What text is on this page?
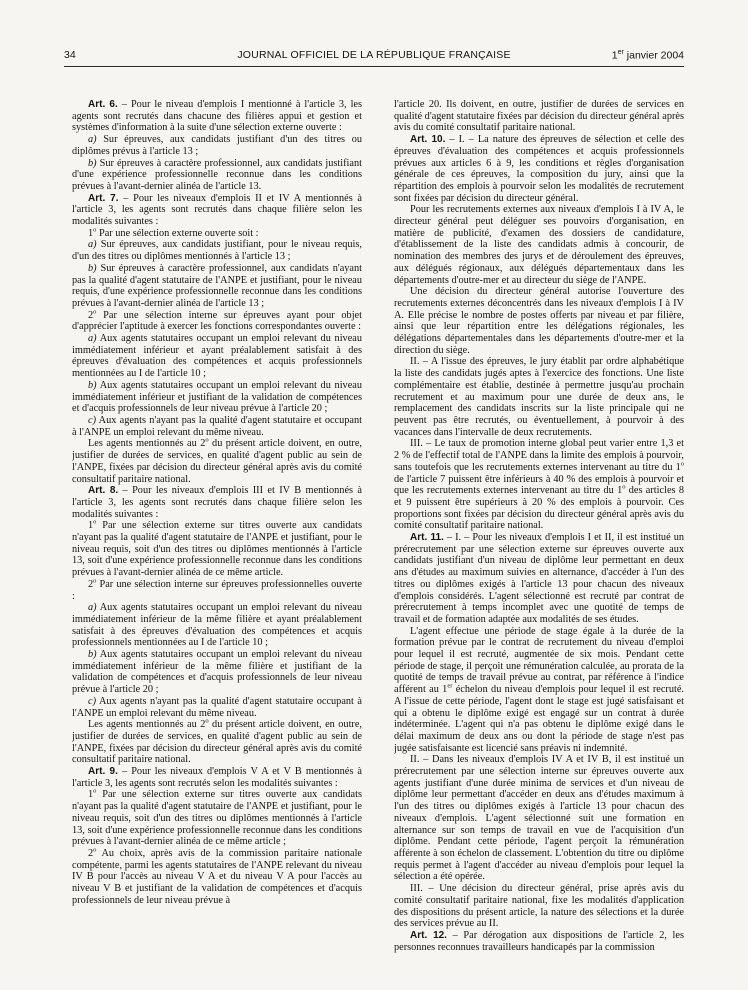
34	JOURNAL OFFICIEL DE LA RÉPUBLIQUE FRANÇAISE	1er janvier 2004

Art. 6. – Pour le niveau d'emplois I mentionné à l'article 3, les agents sont recrutés dans chacune des filières appui et gestion et systèmes d'information à la suite d'une sélection externe ouverte :

a) Sur épreuves, aux candidats justifiant d'un des titres ou diplômes prévus à l'article 13 ;

b) Sur épreuves à caractère professionnel, aux candidats justifiant d'une expérience professionnelle reconnue dans les conditions prévues à l'avant-dernier alinéa de l'article 13.

Art. 7. – Pour les niveaux d'emplois II et IV A mentionnés à l'article 3, les agents sont recrutés dans chaque filière selon les modalités suivantes :

1$^o$ Par une sélection externe ouverte soit :

a) Sur épreuves, aux candidats justifiant, pour le niveau requis, d'un des titres ou diplômes mentionnés à l'article 13 ;

b) Sur épreuves à caractère professionnel, aux candidats n'ayant pas la qualité d'agent statutaire de l'ANPE et justifiant, pour le niveau requis, d'une expérience professionnelle reconnue dans les conditions prévues à l'avant-dernier alinéa de l'article 13 ;

2$^o$ Par une sélection interne sur épreuves ayant pour objet d'apprécier l'aptitude à exercer les fonctions correspondantes ouverte :

a) Aux agents statutaires occupant un emploi relevant du niveau immédiatement inférieur et ayant préalablement satisfait à des épreuves d'évaluation des compétences et acquis professionnels mentionnées au I de l'article 10 ;

b) Aux agents statutaires occupant un emploi relevant du niveau immédiatement inférieur et justifiant de la validation de compétences et d'acquis professionnels de leur niveau prévue à l'article 20 ;

c) Aux agents n'ayant pas la qualité d'agent statutaire et occupant à l'ANPE un emploi relevant du même niveau.

Les agents mentionnés au 2$^o$ du présent article doivent, en outre, justifier de durées de services, en qualité d'agent public au sein de l'ANPE, fixées par décision du directeur général après avis du comité consultatif paritaire national.

Art. 8. – Pour les niveaux d'emplois III et IV B mentionnés à l'article 3, les agents sont recrutés dans chaque filière selon les modalités suivantes :

1$^o$ Par une sélection externe sur titres ouverte aux candidats n'ayant pas la qualité d'agent statutaire de l'ANPE et justifiant, pour le niveau requis, soit d'un des titres ou diplômes mentionnés à l'article 13, soit d'une expérience professionnelle reconnue dans les conditions prévues à l'avant-dernier alinéa de ce même article.

2$^o$ Par une sélection interne sur épreuves professionnelles ouverte :

a) Aux agents statutaires occupant un emploi relevant du niveau immédiatement inférieur de la même filière et ayant préalablement satisfait à des épreuves d'évaluation des compétences et acquis professionnels mentionnées au I de l'article 10 ;

b) Aux agents statutaires occupant un emploi relevant du niveau immédiatement inférieur de la même filière et justifiant de la validation de compétences et d'acquis professionnels de leur niveau prévue à l'article 20 ;

c) Aux agents n'ayant pas la qualité d'agent statutaire occupant à l'ANPE un emploi relevant du même niveau.

Les agents mentionnés au 2$^o$ du présent article doivent, en outre, justifier de durées de services, en qualité d'agent public au sein de l'ANPE, fixées par décision du directeur général après avis du comité consultatif paritaire national.

Art. 9. – Pour les niveaux d'emplois V A et V B mentionnés à l'article 3, les agents sont recrutés selon les modalités suivantes :

1$^o$ Par une sélection externe sur titres ouverte aux candidats n'ayant pas la qualité d'agent statutaire de l'ANPE et justifiant, pour le niveau requis, soit d'un des titres ou diplômes mentionnés à l'article 13, soit d'une expérience professionnelle reconnue dans les conditions prévues à l'avant-dernier alinéa de ce même article ;

2$^o$ Au choix, après avis de la commission paritaire nationale compétente, parmi les agents statutaires de l'ANPE relevant du niveau IV B pour l'accès au niveau V A et du niveau V A pour l'accès au niveau V B et justifiant de la validation de compétences et d'acquis professionnels de leur niveau prévue à

l'article 20. Ils doivent, en outre, justifier de durées de services en qualité d'agent statutaire fixées par décision du directeur général après avis du comité consultatif paritaire national.

Art. 10. – I. – La nature des épreuves de sélection et celle des épreuves d'évaluation des compétences et acquis professionnels prévues aux articles 6 à 9, les conditions et règles d'organisation générale de ces épreuves, la composition du jury, ainsi que la répartition des emplois à pourvoir selon les modalités de recrutement sont fixées par décision du directeur général.

Pour les recrutements externes aux niveaux d'emplois I à IV A, le directeur général peut déléguer ses pouvoirs d'organisation, en matière de publicité, d'examen des dossiers de candidature, d'établissement de la liste des candidats admis à concourir, de nomination des membres des jurys et de déroulement des épreuves, aux délégués régionaux, aux délégués départementaux dans les départements d'outre-mer et au directeur du siège de l'ANPE.

Une décision du directeur général autorise l'ouverture des recrutements externes déconcentrés dans les niveaux d'emplois I à IV A. Elle précise le nombre de postes offerts par niveau et par filière, ainsi que leur répartition entre les délégations régionales, les délégations départementales dans les départements d'outre-mer et la direction du siège.

II. – A l'issue des épreuves, le jury établit par ordre alphabétique la liste des candidats jugés aptes à l'exercice des fonctions. Une liste complémentaire est établie, destinée à permettre jusqu'au prochain recrutement et au maximum pour une durée de deux ans, le remplacement des candidats inscrits sur la liste principale qui ne peuvent pas être recrutés, ou éventuellement, à pourvoir à des vacances dans l'intervalle de deux recrutements.

III. – Le taux de promotion interne global peut varier entre 1,3 et 2 % de l'effectif total de l'ANPE dans la limite des emplois à pourvoir, sans toutefois que les recrutements externes intervenant au titre du 1$^o$ de l'article 7 puissent être inférieurs à 40 % des emplois à pourvoir et que les recrutements externes intervenant au titre du 1$^o$ des articles 8 et 9 puissent être supérieurs à 20 % des emplois à pourvoir. Ces proportions sont fixées par décision du directeur général après avis du comité consultatif paritaire national.

Art. 11. – I. – Pour les niveaux d'emplois I et II, il est institué un prérecrutement par une sélection externe sur épreuves ouverte aux candidats justifiant d'un niveau de diplôme leur permettant en deux ans d'études au maximum suivies en alternance, d'accéder à l'un des titres ou diplômes exigés à l'article 13 pour chacun des niveaux d'emplois considérés. L'agent sélectionné est recruté par contrat de prérecrutement à temps incomplet avec une quotité de temps de travail et de formation adaptée aux modalités de ses études.

L'agent effectue une période de stage égale à la durée de la formation prévue par le contrat de recrutement du niveau d'emploi pour lequel il est recruté, augmentée de six mois. Pendant cette période de stage, il perçoit une rémunération calculée, au prorata de la quotité de temps de travail prévue au contrat, par référence à l'indice afférent au 1er échelon du niveau d'emplois pour lequel il est recruté. A l'issue de cette période, l'agent dont le stage est jugé satisfaisant et qui a obtenu le diplôme exigé est engagé sur un contrat à durée indéterminée. L'agent qui n'a pas obtenu le diplôme exigé dans le délai maximum de deux ans ou dont la période de stage n'est pas jugée satisfaisante est licencié sans préavis ni indemnité.

II. – Dans les niveaux d'emplois IV A et IV B, il est institué un prérecrutement par une sélection interne sur épreuves ouverte aux agents justifiant d'une durée minima de services et d'un niveau de diplôme leur permettant d'accéder en deux ans d'études maximum à l'un des titres ou diplômes exigés à l'article 13 pour chacun des niveaux d'emplois. L'agent sélectionné suit une formation en alternance sur son temps de travail en vue de l'acquisition d'un diplôme. Pendant cette période, l'agent perçoit la rémunération afférente à son échelon de classement. L'obtention du titre ou diplôme requis permet à l'agent d'accéder au niveau d'emplois pour lequel la sélection a été opérée.

III. – Une décision du directeur général, prise après avis du comité consultatif paritaire national, fixe les modalités d'application des dispositions du présent article, la nature des sélections et la durée des services prévue au II.

Art. 12. – Par dérogation aux dispositions de l'article 2, les personnes reconnues travailleurs handicapés par la commission
